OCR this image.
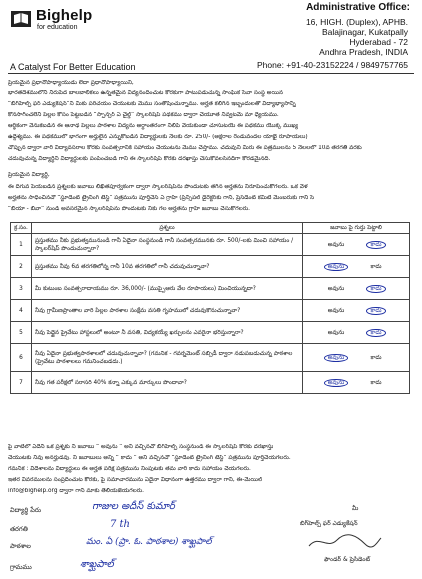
Bighelp
for education
A Catalyst For Better Education
Administrative Office:
16, HIGH. (Duplex), APHB.
Balajinagar, Kukatpally
Hyderabad - 72
Andhra Pradesh, INDIA
Phone: +91-40-23152224 / 9849757765
ప్రియమైన ప్రధానోపాధ్యాయుడు లేదా ప్రధానోపాధ్యాయిని,
భారతదేశములోని నిరుపేద బాలబాలికలు ఉన్నతమైన విద్యనందించుట కొరకుగా పాటుపడుచున్న సాంఘిక సేవా సంస్థ అయిన
“బిగ్‌హెల్ప్ ఫర్ ఎడ్యుకేషన్”ని మీకు పరిచయం చేయుటకు మేము సంతోషించున్నాము. అర్హత కలిగిన ఇబ్బందులతో విద్యాభ్యాసాన్ని
కొనసాగించలేని పిల్లల కోసం పెట్టబడిన “స్పాన్సర్ ఏ చైల్డ్” స్కాలర్‌షిప్ పథకము ద్వారా చేయూత నివ్వటమే మా ధ్యేయము.
ఆర్థికంగా వెనుకబడిన ఈ ఆనాథ పిల్లలు పాఠశాల విద్యను అర్థాంతరంగా నిలిపి వేయకుండా చూసుటయే ఈ పథకము యొక్క ముఖ్య
ఉద్దేశ్యము. ఈ పథకములో భాగంగా అర్హులైన ఎన్నుకోబడిన విద్యార్థులకు నెలకు రూ. 250/- (అక్షరాల రెండువందల యాభై రూపాయలు)
చొప్పున ద్వారా వారి విద్యావసరాల కొరకు సంవత్సరానికి సహాయం చేయుటను మేము చేస్తాము. చదువుని మీరు ఈ పత్రములను 5 నెలలలో 10వ తరగతి వరకు
చదువుచున్న విద్యార్థినీ విద్యార్థులకు పంపించబడి గాని ఈ స్కాలర్‌షిప్ కొరకు దరఖాస్తు చేసుకోవలసినదిగా కోరడమైనది.
ప్రియమైన విద్యార్థి,
ఈ దిగువ పేయబడిన ప్రశ్నలకు జవాబు లిఖితపూర్వకంగా ద్వారా స్కాలర్‌షిప్‌ను పొందుటకు తగిన అర్హతను నిరూపించుకోగలరు. ఒక వేళ
అర్హతను సాధించినచో “స్టూడెంట్ ట్రైనింగ్ టెస్ట్” పత్రమును పూర్తిచేసి ఏ గ్రాహీ (ప్రిన్సిపల్ డైరెక్టర్‌కు గాని, ప్రెసిడెంట్ కమిటీ మెంబరుకు గాని సే
“బియా - బీవా” నుండి అవసరమైన స్కాలర్‌షిప్‌ను పొందుటకు నీకు గల అర్హతను గ్రాహీ జవాబు చేసుకోగలరు.
క్ర.సం.	ప్రశ్నలు	జవాబు పై గుర్తు పెట్టాలి
1	ప్రస్తుతము నీకు ప్రభుత్వమునుండి గానీ ఏదైనా సంస్థనుండి గానీ సంవత్సరమునకు రూ. 500/-లకు మించి సహాయం / స్కాలర్‌షిప్ పొందుచున్నారా?	అవును కాదు
2	ప్రస్తుతము నీవు 6వ తరగతిలోన్న గానీ 10వ తరగతిలో గానీ చదువుచున్నావా?	అవును కాదు
3	మీ కుటుంబ సంవత్సరాదాయము రూ. 36,000/- (ముప్పైఆరు వేల రూపాయలు) మించియున్నదా?	అవును కాదు
4	నీవు గ్రామీణప్రాంతాల వారి పిల్లల పాఠశాల సంక్షేమ వసతి గృహములో చదువుకొనుచున్నావా?	అవును కాదు
5	నీవు పెద్దైన ప్రైవేటు హాస్టలులో అంటూ నీ వసతి, విద్యకయ్యే ఖర్చులను ఎవరైనా భరిస్తున్నారా?	అవును కాదు
6	నీవు ఏదైనా ప్రభుత్వపాఠశాలలో చదువుచున్నావా? (గమనిక - గవర్నమెంట్ సబ్సిడీ ద్వారా నడుపబడుచున్న పాఠశాల (ప్రైవేటు పాఠశాలలు గమనించబడదు.)	అవును కాదు
7	నీవు గత పరీక్షలో సరాసరి 40% కన్నా ఎక్కువ మార్కులు పొందావా?	అవును కాదు
పై వాటిలో ఏదేని ఒక ప్రశ్నకు నీ జవాబు “ అవును ” అని వచ్చినచో బిగ్‌హెల్ప్ సంస్థనుండి ఈ స్కాలర్‌షిప్‌ కొరకు దరఖాస్తు
చేయుటకు నీవు అనర్హుడవు. నీ జవాబులు అన్నీ “ కాదు ” అని వచ్చినచో “స్టూడెంట్ ట్రైనింగ్ టెస్ట్” పత్రమును పూర్తిచేయగలరు.
గమనిక : విదేశాలను విద్యార్థులు ఈ అర్హత పరీక్ష పత్రమును నింపుటకు తమ వారి కాదు సహాయం చేయగలరు.
ఇతర వివరములను సంప్రదించుట కొరకు, పై సమాచారమును ఏదైనా విధానంగా ఉత్తరము ద్వారా గాని, ఈ-మెయిల్
info@bighelp.org ద్వారా గాని మాకు తెలియజేయగలరు.
విద్యార్థి పేరు
తరగతి
పాఠశాల
గ్రామము
గాజుల అదీస్ కుమార్
7 th
మం. ఏ (ప్రా. ఓ. పాఠశాల) శాఖ్ఘపాల్
శాఖ్ఘపాల్
మీ
బిగ్‌హెల్ప్ ఫర్ ఎడ్యుకేషన్
ఫౌండర్ & ప్రెసిడెంట్
